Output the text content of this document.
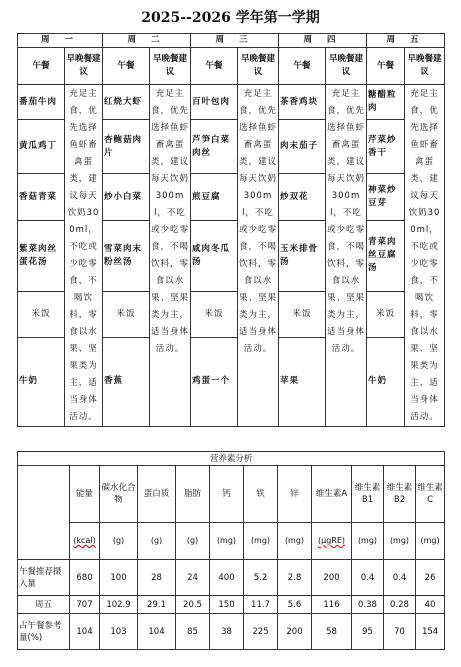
2025--2026 学年第一学期
周 一		周 二		周 三		周 四		周 五	
午餐	早晚餐建议	午餐	早晚餐建议	午餐	早晚餐建议	午餐	早晚餐建议	午餐	早晚餐建议
番茄牛肉	充足主食，优先选择鱼虾畜禽蛋类，建议每天饮奶300ml，不吃或少吃零食，不喝饮料，零食以水果、坚果类为主，适当身体活动。	红烧大虾	充足主食，优先选择鱼虾畜禽蛋类，建议每天饮奶300ml，不吃或少吃零食，不喝饮料，零食以水果、坚果类为主，适当身体活动。	百叶包肉	充足主食，优先选择鱼虾畜禽蛋类，建议每天饮奶300ml，不吃或少吃零食，不喝饮料，零食以水果、坚果类为主，适当身体活动。	茶香鸡块	充足主食，优先选择鱼虾畜禽蛋类，建议每天饮奶300ml，不吃或少吃零食，不喝饮料，零食以水果、坚果类为主，适当身体活动。	糖醋粒肉	充足主食，优先选择鱼虾畜禽蛋类，建议每天饮奶300ml，不吃或少吃零食，不喝饮料，零食以水果、坚果类为主，适当身体活动。
黄瓜鸡丁		杏鲍菇肉片		芦笋白菜肉丝		肉末茄子		芹菜炒香干	
香菇青菜		炒小白菜		煎豆腐		炒双花		神菜炒豆芽	
紫菜肉丝蛋花汤		雪菜肉末粉丝汤		咸肉冬瓜汤		玉米排骨汤		青菜肉丝豆腐汤	
米饭		米饭		米饭		米饭		米饭	
牛奶		香蕉		鸡蛋一个		苹果		牛奶	
营养素分析											
	能量	碳水化合物	蛋白质	脂肪	钙	铁	锌	维生素A	维生素B1	维生素B2	维生素C
	(kcal)	(g)	(g)	(g)	(mg)	(mg)	(mg)	(μgRE)	(mg)	(mg)	(mg)
午餐推荐摄入量	680	100	28	24	400	5.2	2.8	200	0.4	0.4	26
周五	707	102.9	29.1	20.5	150	11.7	5.6	116	0.38	0.28	40
占午餐参考量(%)	104	103	104	85	38	225	200	58	95	70	154
